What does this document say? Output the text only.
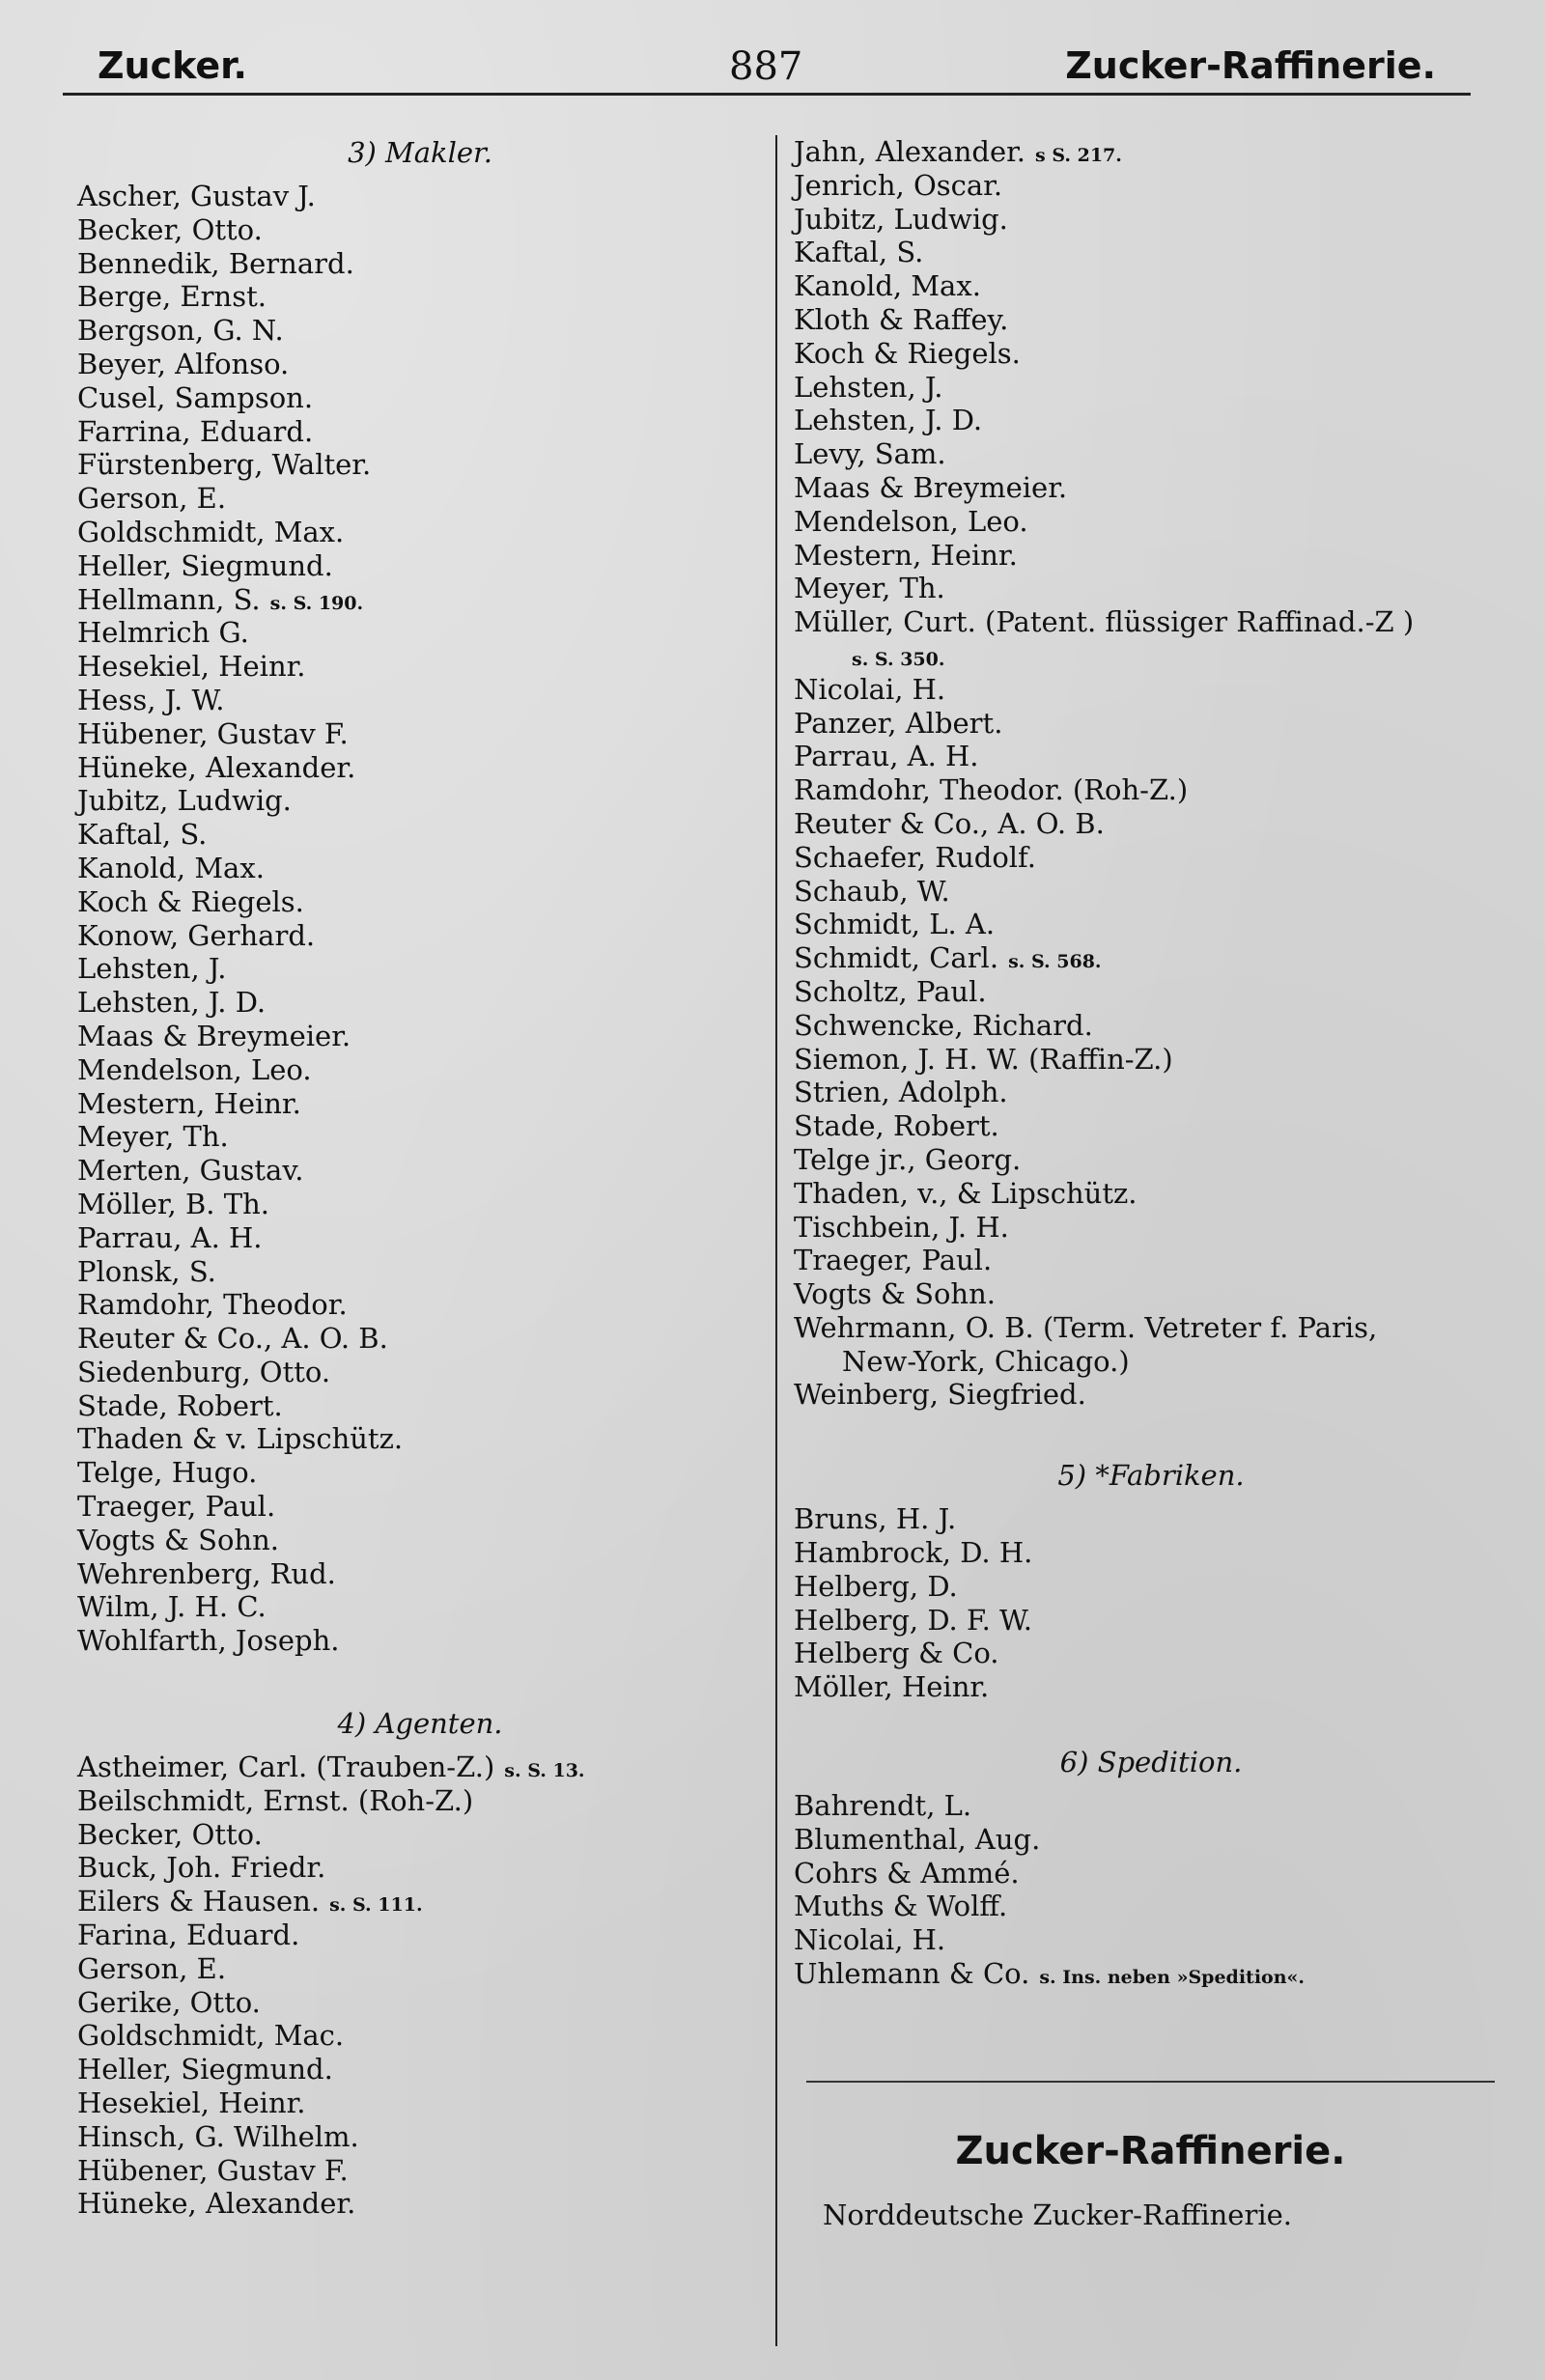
Zucker.	887	Zucker-Raffinerie.
3) Makler.
Ascher, Gustav J.
Becker, Otto.
Bennedik, Bernard.
Berge, Ernst.
Bergson, G. N.
Beyer, Alfonso.
Cusel, Sampson.
Farrina, Eduard.
Fürstenberg, Walter.
Gerson, E.
Goldschmidt, Max.
Heller, Siegmund.
Hellmann, S. s. S. 190.
Helmrich G.
Hesekiel, Heinr.
Hess, J. W.
Hübener, Gustav F.
Hüneke, Alexander.
Jubitz, Ludwig.
Kaftal, S.
Kanold, Max.
Koch & Riegels.
Konow, Gerhard.
Lehsten, J.
Lehsten, J. D.
Maas & Breymeier.
Mendelson, Leo.
Mestern, Heinr.
Meyer, Th.
Merten, Gustav.
Möller, B. Th.
Parrau, A. H.
Plonsk, S.
Ramdohr, Theodor.
Reuter & Co., A. O. B.
Siedenburg, Otto.
Stade, Robert.
Thaden & v. Lipschütz.
Telge, Hugo.
Traeger, Paul.
Vogts & Sohn.
Wehrenberg, Rud.
Wilm, J. H. C.
Wohlfarth, Joseph.
4) Agenten.
Astheimer, Carl. (Trauben-Z.) s. S. 13.
Beilschmidt, Ernst. (Roh-Z.)
Becker, Otto.
Buck, Joh. Friedr.
Eilers & Hausen. s. S. 111.
Farina, Eduard.
Gerson, E.
Gerike, Otto.
Goldschmidt, Mac.
Heller, Siegmund.
Hesekiel, Heinr.
Hinsch, G. Wilhelm.
Hübener, Gustav F.
Hüneke, Alexander.
Jahn, Alexander. s S. 217.
Jenrich, Oscar.
Jubitz, Ludwig.
Kaftal, S.
Kanold, Max.
Kloth & Raffey.
Koch & Riegels.
Lehsten, J.
Lehsten, J. D.
Levy, Sam.
Maas & Breymeier.
Mendelson, Leo.
Mestern, Heinr.
Meyer, Th.
Müller, Curt. (Patent. flüssiger Raffinad.-Z )
s. S. 350.
Nicolai, H.
Panzer, Albert.
Parrau, A. H.
Ramdohr, Theodor. (Roh-Z.)
Reuter & Co., A. O. B.
Schaefer, Rudolf.
Schaub, W.
Schmidt, L. A.
Schmidt, Carl. s. S. 568.
Scholtz, Paul.
Schwencke, Richard.
Siemon, J. H. W. (Raffin-Z.)
Strien, Adolph.
Stade, Robert.
Telge jr., Georg.
Thaden, v., & Lipschütz.
Tischbein, J. H.
Traeger, Paul.
Vogts & Sohn.
Wehrmann, O. B. (Term. Vetreter f. Paris,
New-York, Chicago.)
Weinberg, Siegfried.
5) *Fabriken.
Bruns, H. J.
Hambrock, D. H.
Helberg, D.
Helberg, D. F. W.
Helberg & Co.
Möller, Heinr.
6) Spedition.
Bahrendt, L.
Blumenthal, Aug.
Cohrs & Ammé.
Muths & Wolff.
Nicolai, H.
Uhlemann & Co. s. Ins. neben »Spedition«.
Zucker-Raffinerie.
Norddeutsche Zucker-Raffinerie.
